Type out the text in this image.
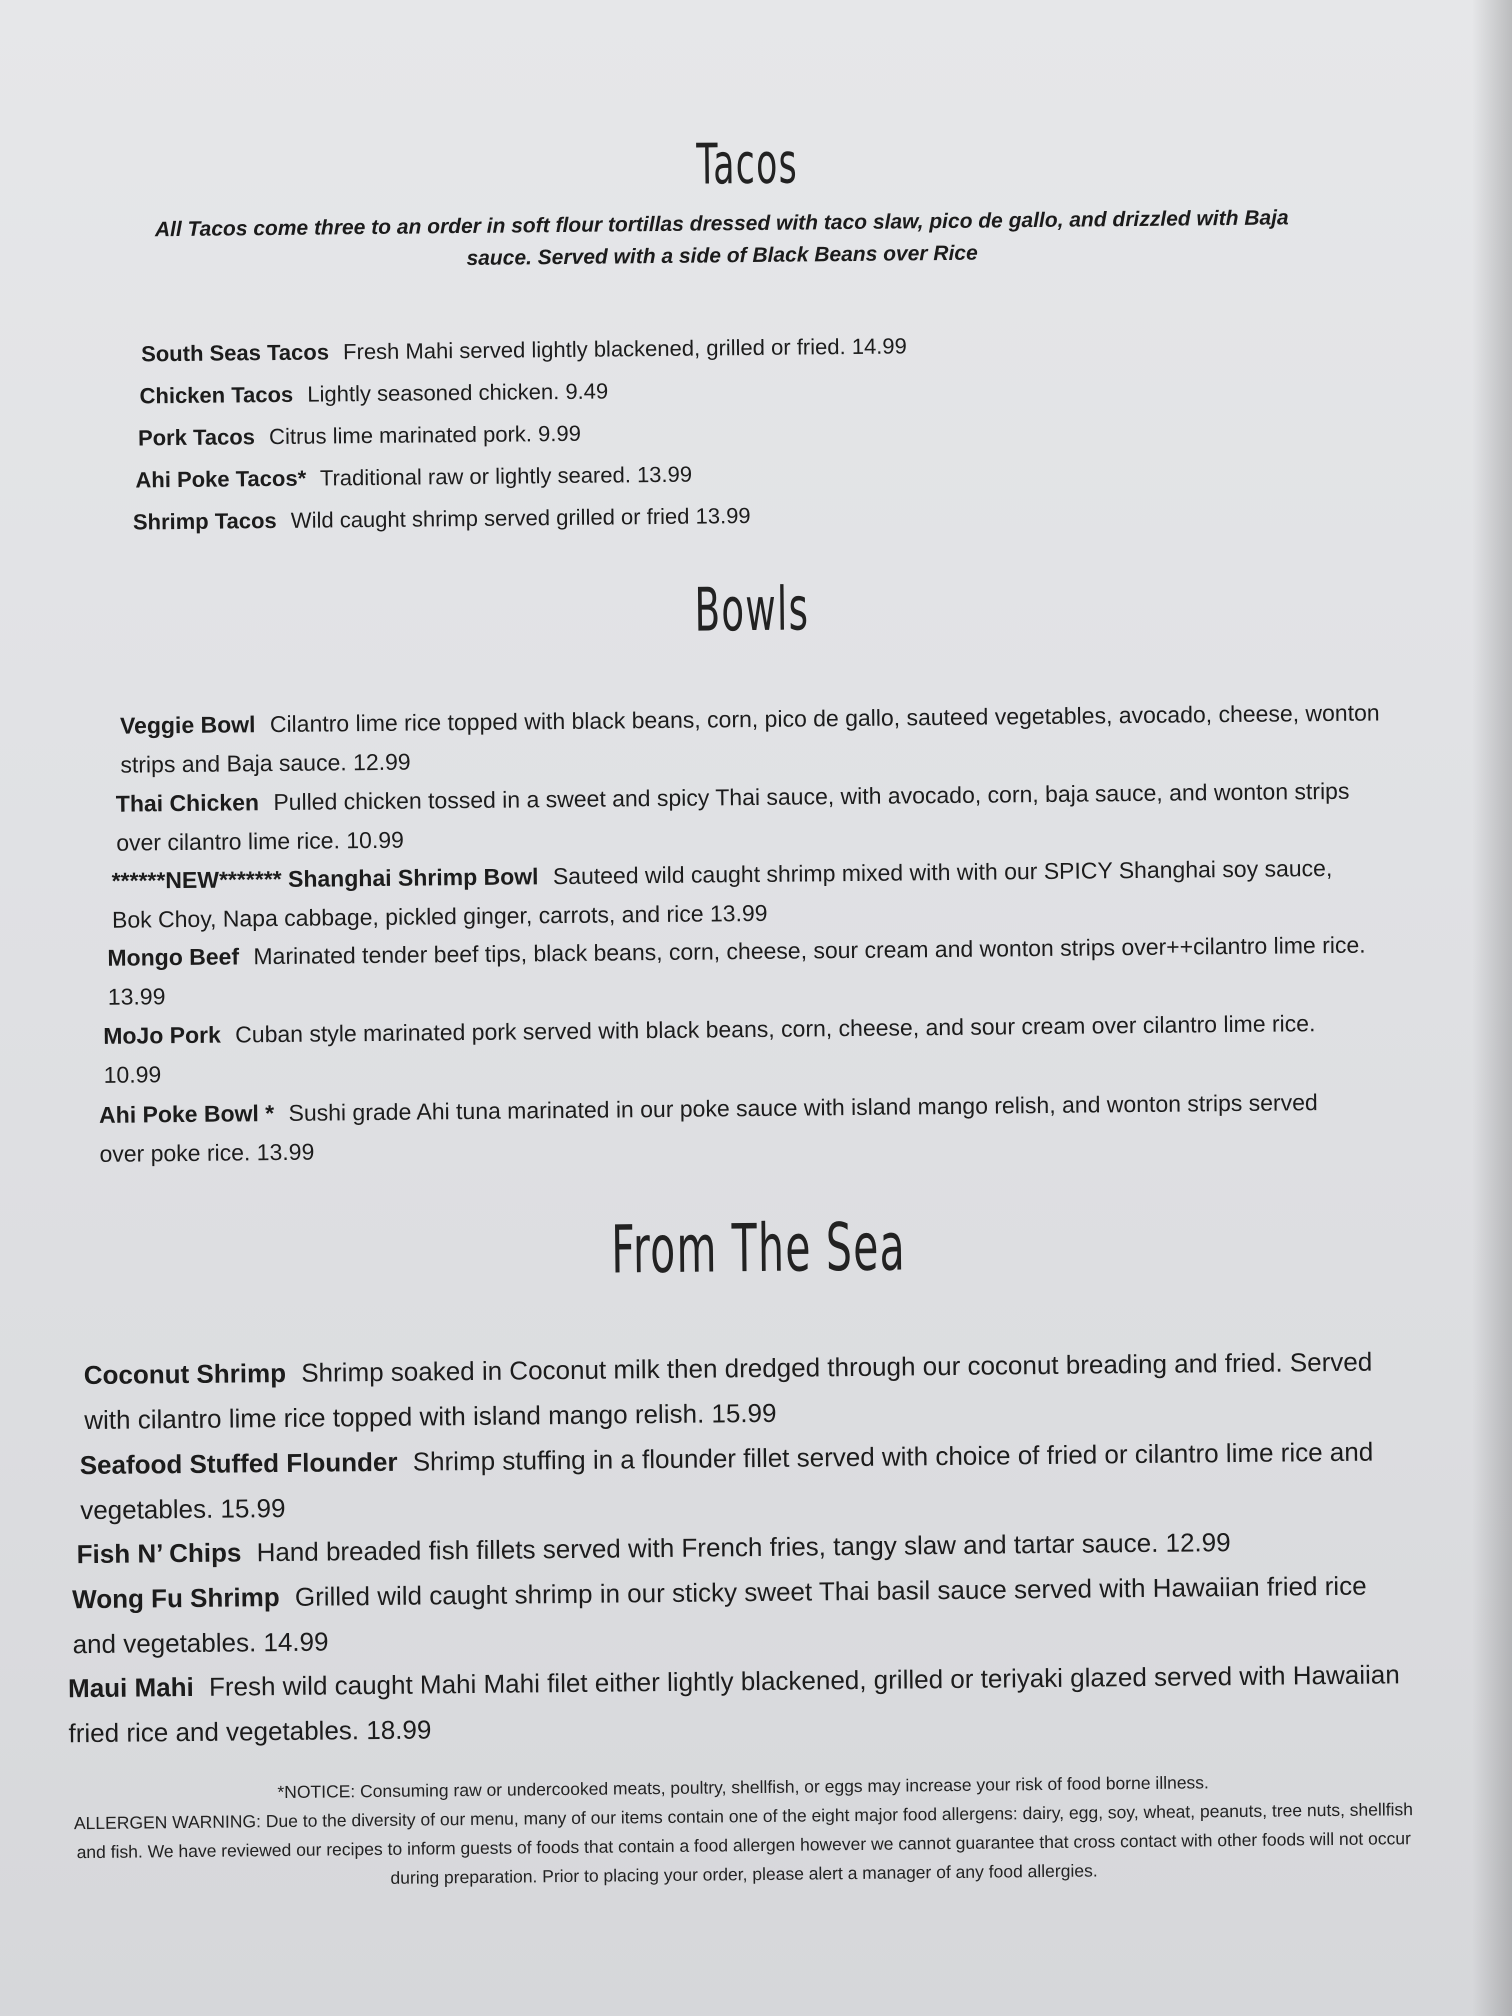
Tacos

All Tacos come three to an order in soft flour tortillas dressed with taco slaw, pico de gallo, and drizzled with Baja sauce. Served with a side of Black Beans over Rice

South Seas Tacos Fresh Mahi served lightly blackened, grilled or fried. 14.99

Chicken Tacos Lightly seasoned chicken. 9.49

Pork Tacos Citrus lime marinated pork. 9.99

Ahi Poke Tacos* Traditional raw or lightly seared. 13.99

Shrimp Tacos Wild caught shrimp served grilled or fried 13.99

Bowls

Veggie Bowl Cilantro lime rice topped with black beans, corn, pico de gallo, sauteed vegetables, avocado, cheese, wonton strips and Baja sauce. 12.99

Thai Chicken Pulled chicken tossed in a sweet and spicy Thai sauce, with avocado, corn, baja sauce, and wonton strips over cilantro lime rice. 10.99

******NEW******* Shanghai Shrimp Bowl Sauteed wild caught shrimp mixed with with our SPICY Shanghai soy sauce, Bok Choy, Napa cabbage, pickled ginger, carrots, and rice 13.99

Mongo Beef Marinated tender beef tips, black beans, corn, cheese, sour cream and wonton strips over++cilantro lime rice. 13.99

MoJo Pork Cuban style marinated pork served with black beans, corn, cheese, and sour cream over cilantro lime rice. 10.99

Ahi Poke Bowl * Sushi grade Ahi tuna marinated in our poke sauce with island mango relish, and wonton strips served over poke rice. 13.99

From The Sea

Coconut Shrimp Shrimp soaked in Coconut milk then dredged through our coconut breading and fried. Served with cilantro lime rice topped with island mango relish. 15.99

Seafood Stuffed Flounder Shrimp stuffing in a flounder fillet served with choice of fried or cilantro lime rice and vegetables. 15.99

Fish N’ Chips Hand breaded fish fillets served with French fries, tangy slaw and tartar sauce. 12.99

Wong Fu Shrimp Grilled wild caught shrimp in our sticky sweet Thai basil sauce served with Hawaiian fried rice and vegetables. 14.99

Maui Mahi Fresh wild caught Mahi Mahi filet either lightly blackened, grilled or teriyaki glazed served with Hawaiian fried rice and vegetables. 18.99

*NOTICE: Consuming raw or undercooked meats, poultry, shellfish, or eggs may increase your risk of food borne illness.
ALLERGEN WARNING: Due to the diversity of our menu, many of our items contain one of the eight major food allergens: dairy, egg, soy, wheat, peanuts, tree nuts, shellfish and fish. We have reviewed our recipes to inform guests of foods that contain a food allergen however we cannot guarantee that cross contact with other foods will not occur during preparation. Prior to placing your order, please alert a manager of any food allergies.
